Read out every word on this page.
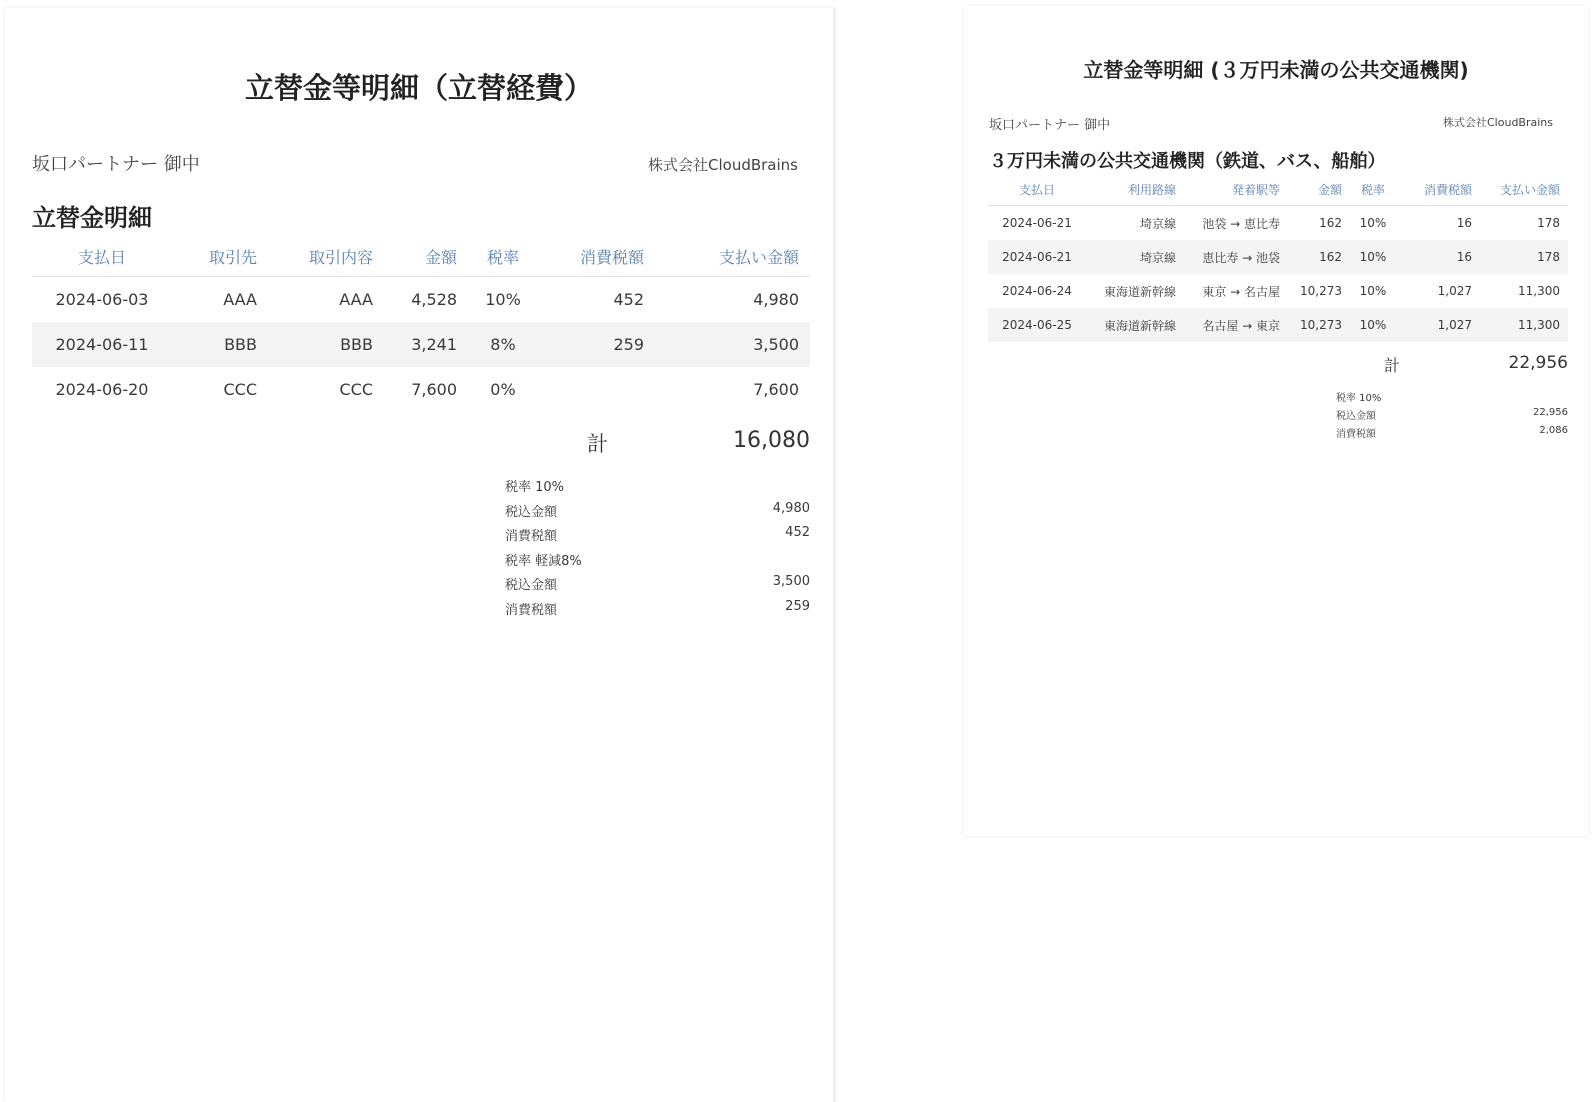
立替金等明細（立替経費）
坂口パートナー 御中	株式会社CloudBrains
立替金明細
支払日	取引先	取引内容	金額	税率	消費税額	支払い金額
2024-06-03	AAA	AAA	4,528	10%	452	4,980
2024-06-11	BBB	BBB	3,241	8%	259	3,500
2024-06-20	CCC	CCC	7,600	0%		7,600
計	16,080
税率 10%
税込金額	4,980
消費税額	452
税率 軽減8%
税込金額	3,500
消費税額	259
立替金等明細 (３万円未満の公共交通機関)
坂口パートナー 御中	株式会社CloudBrains
３万円未満の公共交通機関（鉄道、バス、船舶）
支払日	利用路線	発着駅等	金額	税率	消費税額	支払い金額
2024-06-21	埼京線	池袋 → 恵比寿	162	10%	16	178
2024-06-21	埼京線	恵比寿 → 池袋	162	10%	16	178
2024-06-24	東海道新幹線	東京 → 名古屋	10,273	10%	1,027	11,300
2024-06-25	東海道新幹線	名古屋 → 東京	10,273	10%	1,027	11,300
計	22,956
税率 10%
税込金額	22,956
消費税額	2,086
